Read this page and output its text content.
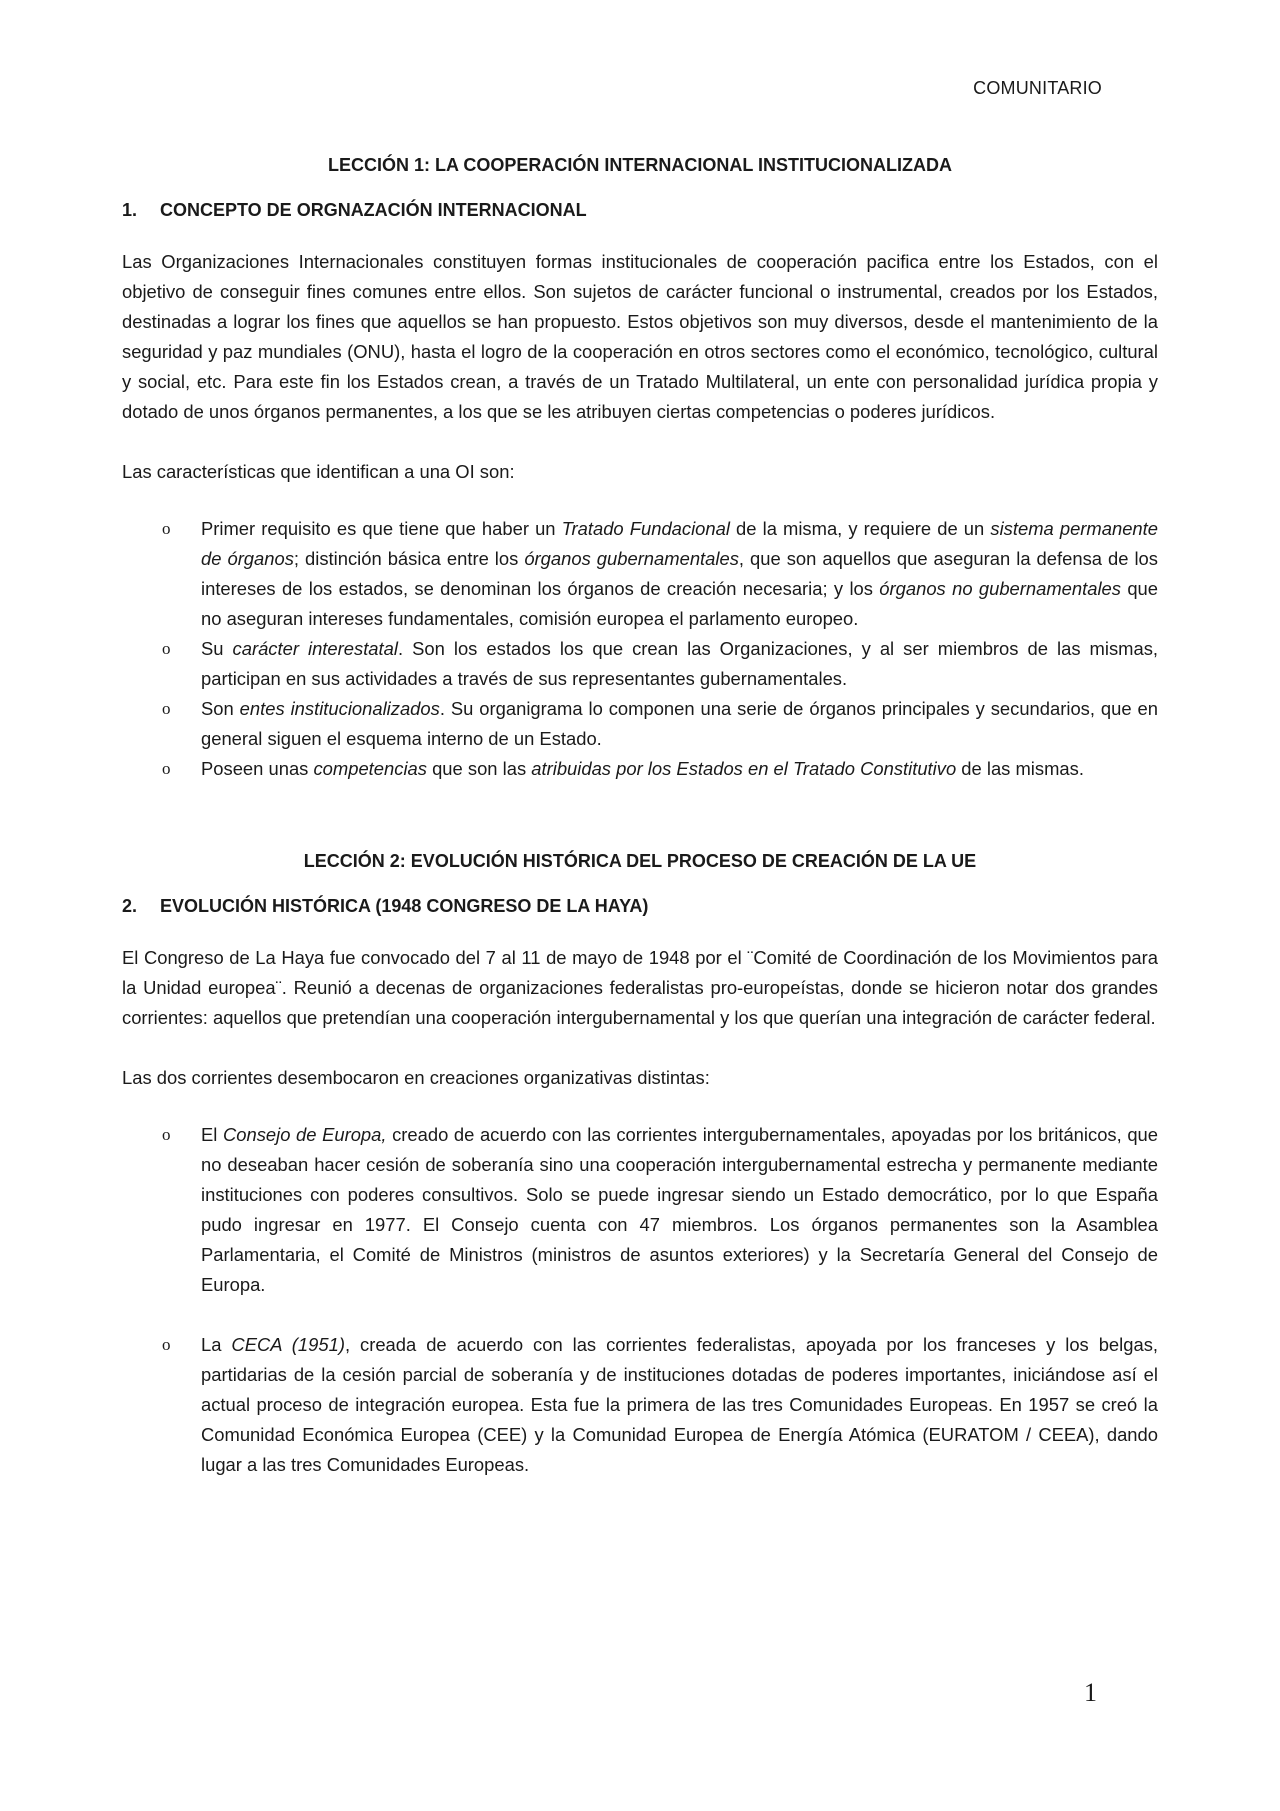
COMUNITARIO
LECCIÓN 1: LA COOPERACIÓN INTERNACIONAL INSTITUCIONALIZADA
1.	CONCEPTO DE ORGNAZACIÓN INTERNACIONAL

Las Organizaciones Internacionales constituyen formas institucionales de cooperación pacifica entre los Estados, con el objetivo de conseguir fines comunes entre ellos. Son sujetos de carácter funcional o instrumental, creados por los Estados, destinadas a lograr los fines que aquellos se han propuesto. Estos objetivos son muy diversos, desde el mantenimiento de la seguridad y paz mundiales (ONU), hasta el logro de la cooperación en otros sectores como el económico, tecnológico, cultural y social, etc. Para este fin los Estados crean, a través de un Tratado Multilateral, un ente con personalidad jurídica propia y dotado de unos órganos permanentes, a los que se les atribuyen ciertas competencias o poderes jurídicos.

Las características que identifican a una OI son:

o Primer requisito es que tiene que haber un Tratado Fundacional de la misma, y requiere de un sistema permanente de órganos; distinción básica entre los órganos gubernamentales, que son aquellos que aseguran la defensa de los intereses de los estados, se denominan los órganos de creación necesaria; y los órganos no gubernamentales que no aseguran intereses fundamentales, comisión europea el parlamento europeo.
o Su carácter interestatal. Son los estados los que crean las Organizaciones, y al ser miembros de las mismas, participan en sus actividades a través de sus representantes gubernamentales.
o Son entes institucionalizados. Su organigrama lo componen una serie de órganos principales y secundarios, que en general siguen el esquema interno de un Estado.
o Poseen unas competencias que son las atribuidas por los Estados en el Tratado Constitutivo de las mismas.
LECCIÓN 2: EVOLUCIÓN HISTÓRICA DEL PROCESO DE CREACIÓN DE LA UE
2.	EVOLUCIÓN HISTÓRICA (1948 CONGRESO DE LA HAYA)

El Congreso de La Haya fue convocado del 7 al 11 de mayo de 1948 por el ¨Comité de Coordinación de los Movimientos para la Unidad europea¨. Reunió a decenas de organizaciones federalistas pro-europeístas, donde se hicieron notar dos grandes corrientes: aquellos que pretendían una cooperación intergubernamental y los que querían una integración de carácter federal.

Las dos corrientes desembocaron en creaciones organizativas distintas:

o El Consejo de Europa, creado de acuerdo con las corrientes intergubernamentales, apoyadas por los británicos, que no deseaban hacer cesión de soberanía sino una cooperación intergubernamental estrecha y permanente mediante instituciones con poderes consultivos. Solo se puede ingresar siendo un Estado democrático, por lo que España pudo ingresar en 1977. El Consejo cuenta con 47 miembros. Los órganos permanentes son la Asamblea Parlamentaria, el Comité de Ministros (ministros de asuntos exteriores) y la Secretaría General del Consejo de Europa.
o La CECA (1951), creada de acuerdo con las corrientes federalistas, apoyada por los franceses y los belgas, partidarias de la cesión parcial de soberanía y de instituciones dotadas de poderes importantes, iniciándose así el actual proceso de integración europea. Esta fue la primera de las tres Comunidades Europeas. En 1957 se creó la Comunidad Económica Europea (CEE) y la Comunidad Europea de Energía Atómica (EURATOM / CEEA), dando lugar a las tres Comunidades Europeas.
1
